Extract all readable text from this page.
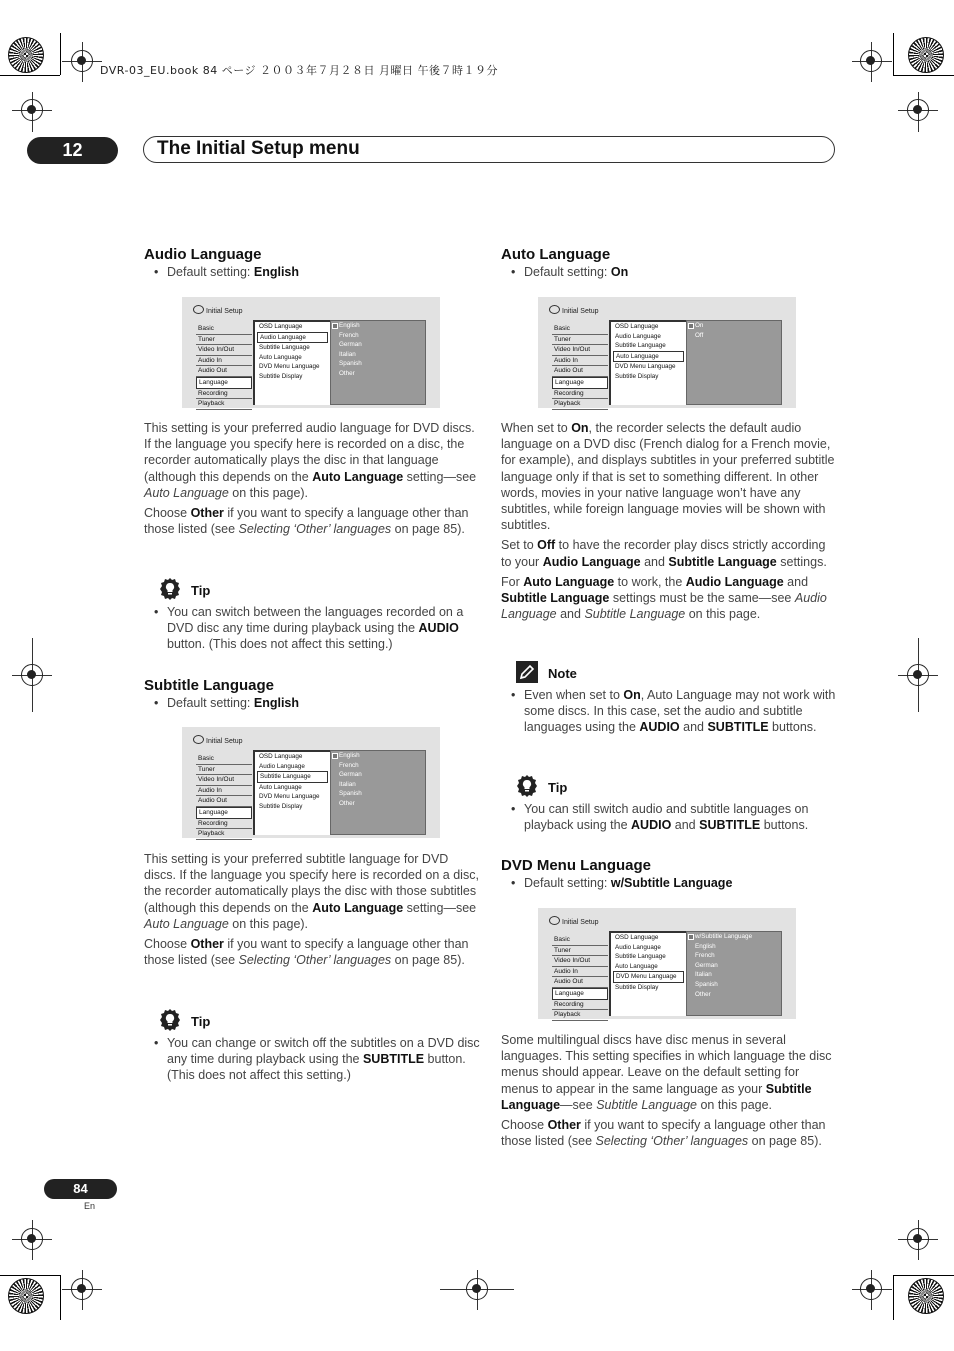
DVR-03_EU.book 84 ページ ２００３年７月２８日 月曜日 午後７時１９分
12	The Initial Setup menu
Audio Language
• Default setting: English
Initial Setup
Basic
Tuner
Video In/Out
Audio In
Audio Out
Language
Recording
Playback
OSD Language
Audio Language
Subtitle Language
Auto Language
DVD Menu Language
Subtitle Display
English
French
German
Italian
Spanish
Other

This setting is your preferred audio language for DVD discs. If the language you specify here is recorded on a disc, the recorder automatically plays the disc in that language (although this depends on the Auto Language setting—see Auto Language on this page).

Choose Other if you want to specify a language other than those listed (see Selecting ‘Other’ languages on page 85).

Tip
• You can switch between the languages recorded on a DVD disc any time during playback using the AUDIO button. (This does not affect this setting.)
Subtitle Language
• Default setting: English
Initial Setup
Basic
Tuner
Video In/Out
Audio In
Audio Out
Language
Recording
Playback
OSD Language
Audio Language
Subtitle Language
Auto Language
DVD Menu Language
Subtitle Display
English
French
German
Italian
Spanish
Other

This setting is your preferred subtitle language for DVD discs. If the language you specify here is recorded on a disc, the recorder automatically plays the disc with those subtitles (although this depends on the Auto Language setting—see Auto Language on this page).

Choose Other if you want to specify a language other than those listed (see Selecting ‘Other’ languages on page 85).

Tip
• You can change or switch off the subtitles on a DVD disc any time during playback using the SUBTITLE button. (This does not affect this setting.)
Auto Language
• Default setting: On
Initial Setup
Basic
Tuner
Video In/Out
Audio In
Audio Out
Language
Recording
Playback
OSD Language
Audio Language
Subtitle Language
Auto Language
DVD Menu Language
Subtitle Display
On
Off

When set to On, the recorder selects the default audio language on a DVD disc (French dialog for a French movie, for example), and displays subtitles in your preferred subtitle language only if that is set to something different. In other words, movies in your native language won’t have any subtitles, while foreign language movies will be shown with subtitles.

Set to Off to have the recorder play discs strictly according to your Audio Language and Subtitle Language settings.

For Auto Language to work, the Audio Language and Subtitle Language settings must be the same—see Audio Language and Subtitle Language on this page.

Note
• Even when set to On, Auto Language may not work with some discs. In this case, set the audio and subtitle languages using the AUDIO and SUBTITLE buttons.
Tip
• You can still switch audio and subtitle languages on playback using the AUDIO and SUBTITLE buttons.
DVD Menu Language
• Default setting: w/Subtitle Language
Initial Setup
Basic
Tuner
Video In/Out
Audio In
Audio Out
Language
Recording
Playback
OSD Language
Audio Language
Subtitle Language
Auto Language
DVD Menu Language
Subtitle Display
w/Subtitle Language
English
French
German
Italian
Spanish
Other

Some multilingual discs have disc menus in several languages. This setting specifies in which language the disc menus should appear. Leave on the default setting for menus to appear in the same language as your Subtitle Language—see Subtitle Language on this page.

Choose Other if you want to specify a language other than those listed (see Selecting ‘Other’ languages on page 85).

84
En
